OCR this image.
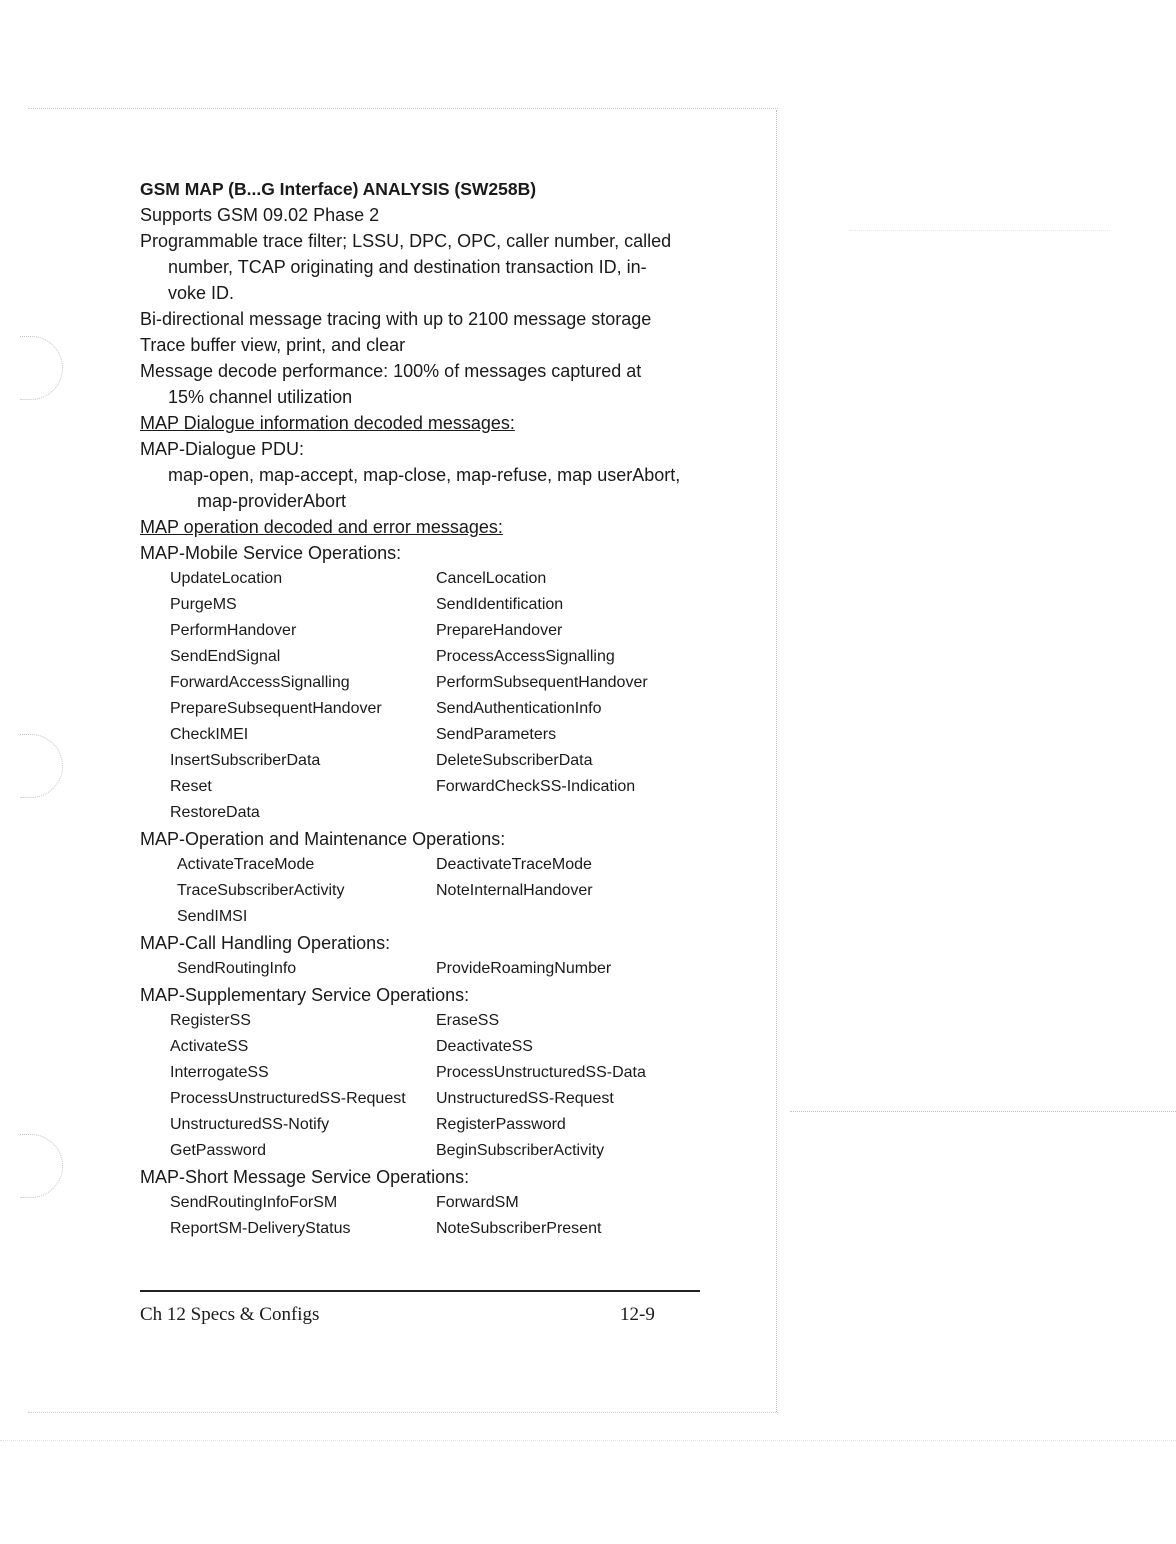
GSM MAP (B...G Interface) ANALYSIS (SW258B)
Supports GSM 09.02 Phase 2
Programmable trace filter; LSSU, DPC, OPC, caller number, called
number, TCAP originating and destination transaction ID, in-
voke ID.
Bi-directional message tracing with up to 2100 message storage
Trace buffer view, print, and clear
Message decode performance: 100% of messages captured at
15% channel utilization
MAP Dialogue information decoded messages:
MAP-Dialogue PDU:
map-open, map-accept, map-close, map-refuse, map userAbort,
map-providerAbort
MAP operation decoded and error messages:
MAP-Mobile Service Operations:
UpdateLocation	CancelLocation
PurgeMS	SendIdentification
PerformHandover	PrepareHandover
SendEndSignal	ProcessAccessSignalling
ForwardAccessSignalling	PerformSubsequentHandover
PrepareSubsequentHandover	SendAuthenticationInfo
CheckIMEI	SendParameters
InsertSubscriberData	DeleteSubscriberData
Reset	ForwardCheckSS-Indication
RestoreData
MAP-Operation and Maintenance Operations:
ActivateTraceMode	DeactivateTraceMode
TraceSubscriberActivity	NoteInternalHandover
SendIMSI
MAP-Call Handling Operations:
SendRoutingInfo	ProvideRoamingNumber
MAP-Supplementary Service Operations:
RegisterSS	EraseSS
ActivateSS	DeactivateSS
InterrogateSS	ProcessUnstructuredSS-Data
ProcessUnstructuredSS-Request UnstructuredSS-Request
UnstructuredSS-Notify	RegisterPassword
GetPassword	BeginSubscriberActivity
MAP-Short Message Service Operations:
SendRoutingInfoForSM	ForwardSM
ReportSM-DeliveryStatus	NoteSubscriberPresent
Ch 12 Specs & Configs	12-9
